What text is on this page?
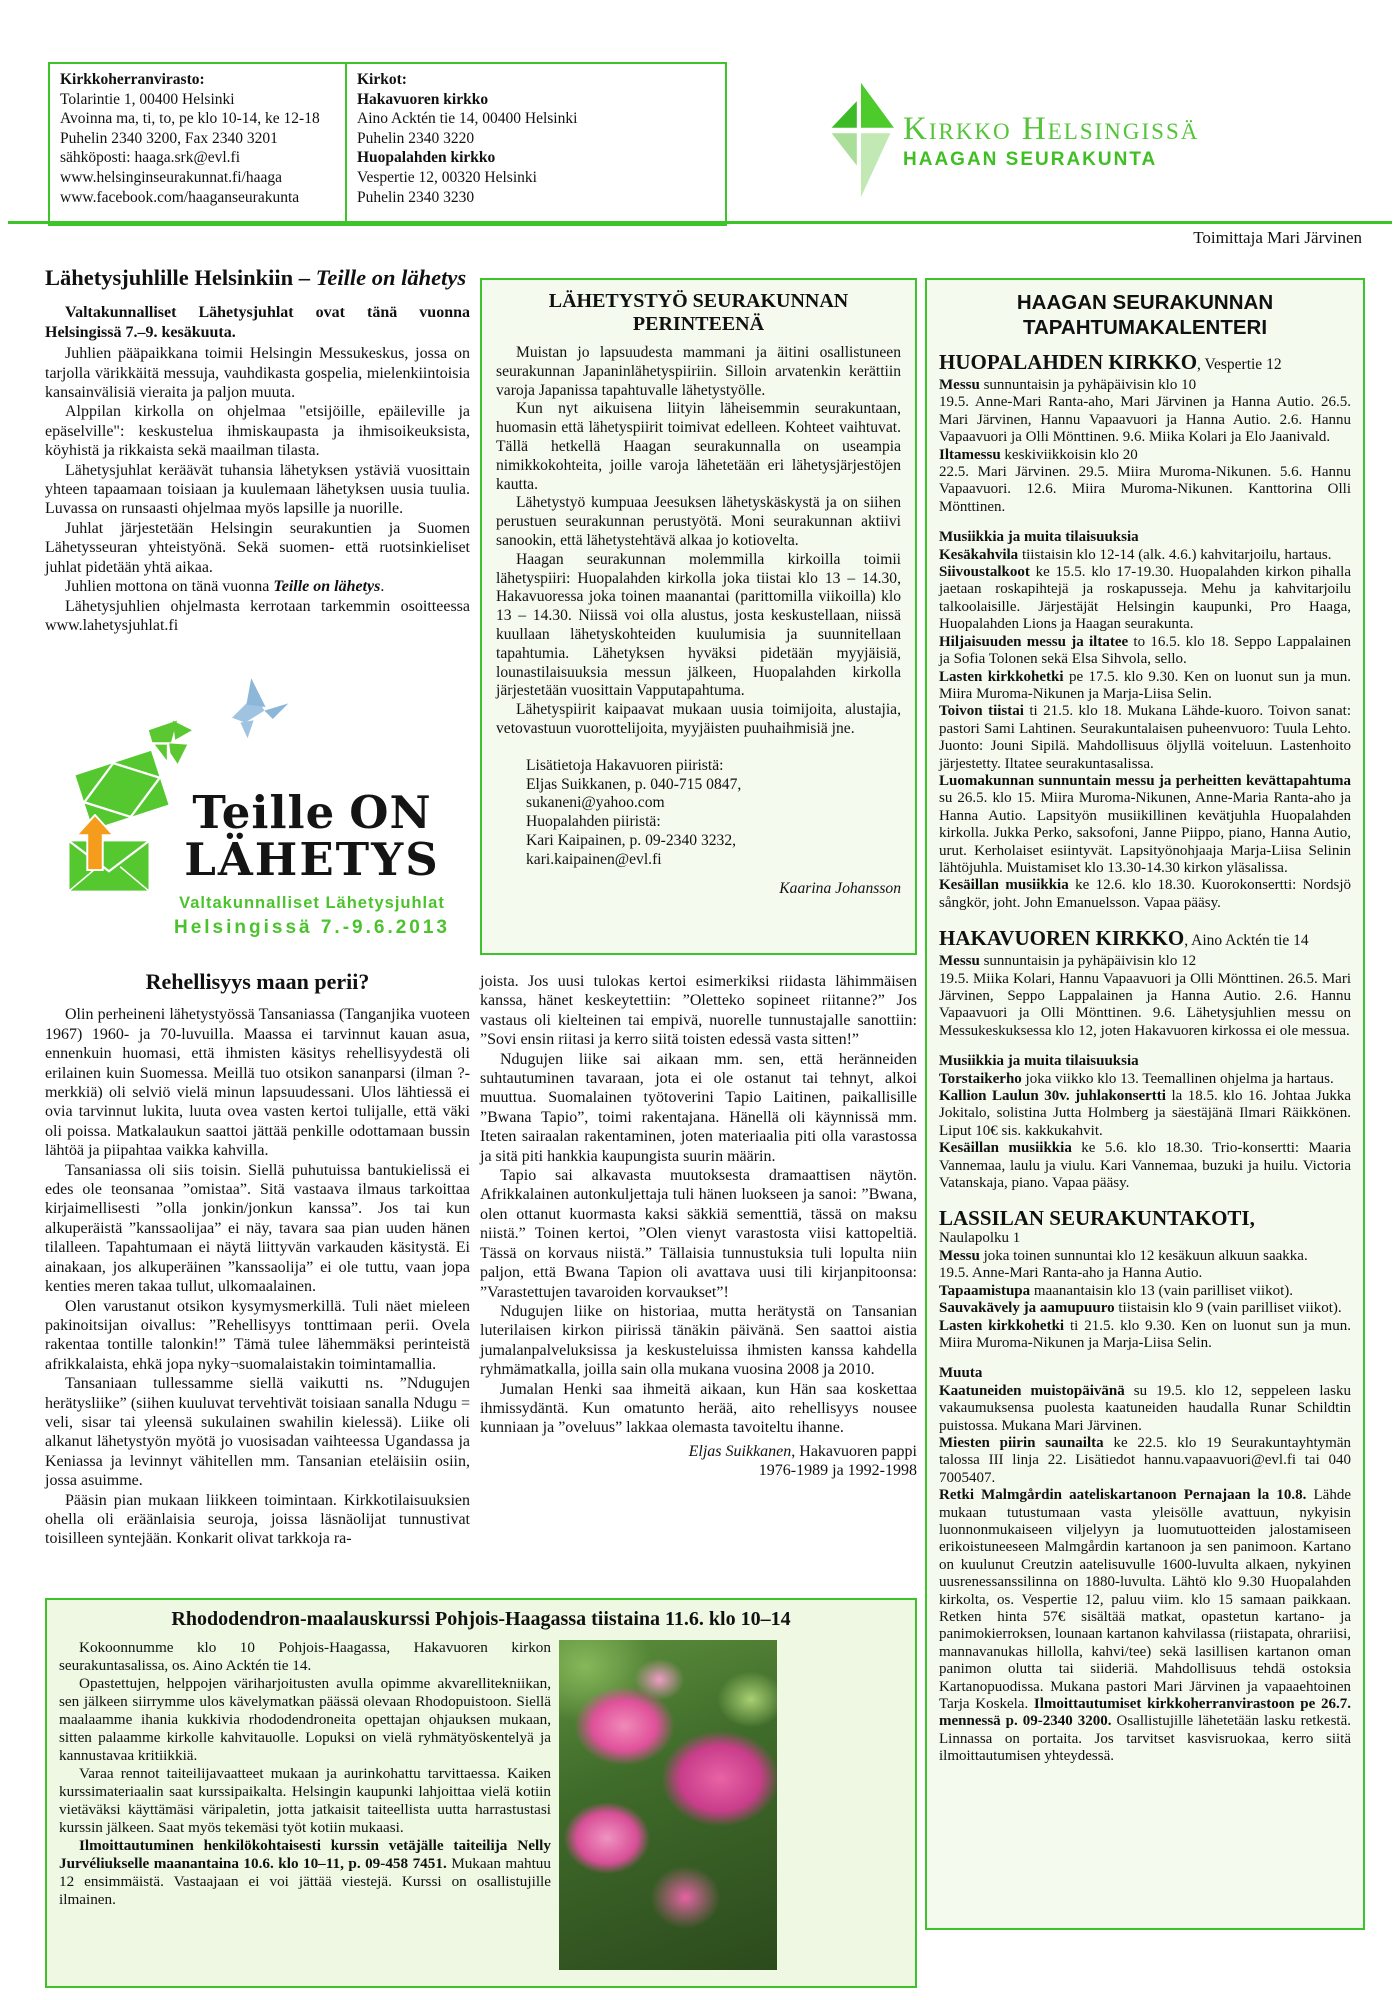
Kirkkoherranvirasto:
Tolarintie 1, 00400 Helsinki
Avoinna ma, ti, to, pe klo 10-14, ke 12-18
Puhelin 2340 3200, Fax 2340 3201
sähköposti: haaga.srk@evl.fi
www.helsinginseurakunnat.fi/haaga
www.facebook.com/haaganseurakunta
Kirkot:
Hakavuoren kirkko
Aino Acktén tie 14, 00400 Helsinki
Puhelin 2340 3220
Huopalahden kirkko
Vespertie 12, 00320 Helsinki
Puhelin 2340 3230
Kirkko Helsingissä
HAAGAN SEURAKUNTA
Toimittaja Mari Järvinen
Lähetysjuhlille Helsinkiin – Teille on lähetys

Valtakunnalliset Lähetysjuhlat ovat tänä vuonna Helsingissä 7.–9. kesäkuuta.

Juhlien pääpaikkana toimii Helsingin Messukeskus, jossa on tarjolla värikkäitä messuja, vauhdikasta gospelia, mielenkiintoisia kansainvälisiä vieraita ja paljon muuta.

Alppilan kirkolla on ohjelmaa "etsijöille, epäileville ja epäselville": keskustelua ihmiskaupasta ja ihmisoikeuksista, köyhistä ja rikkaista sekä maailman tilasta.

Lähetysjuhlat keräävät tuhansia lähetyksen ystäviä vuosittain yhteen tapaamaan toisiaan ja kuulemaan lähetyksen uusia tuulia. Luvassa on runsaasti ohjelmaa myös lapsille ja nuorille.

Juhlat järjestetään Helsingin seurakuntien ja Suomen Lähetysseuran yhteistyönä. Sekä suomen- että ruotsinkieliset juhlat pidetään yhtä aikaa.

Juhlien mottona on tänä vuonna Teille on lähetys.

Lähetysjuhlien ohjelmasta kerrotaan tarkemmin osoitteessa www.lahetysjuhlat.fi

Teille ON
LÄHETYS
Valtakunnalliset Lähetysjuhlat
Helsingissä 7.-9.6.2013
Rehellisyys maan perii?

Olin perheineni lähetystyössä Tansaniassa (Tanganjika vuoteen 1967) 1960- ja 70-luvuilla. Maassa ei tarvinnut kauan asua, ennenkuin huomasi, että ihmisten käsitys rehellisyydestä oli erilainen kuin Suomessa. Meillä tuo otsikon sananparsi (ilman ?-merkkiä) oli selviö vielä minun lapsuudessani. Ulos lähtiessä ei ovia tarvinnut lukita, luuta ovea vasten kertoi tulijalle, että väki oli poissa. Matkalaukun saattoi jättää penkille odottamaan bussin lähtöä ja piipahtaa vaikka kahvilla.

Tansaniassa oli siis toisin. Siellä puhutuissa bantukielissä ei edes ole teonsanaa ”omistaa”. Sitä vastaava ilmaus tarkoittaa kirjaimellisesti ”olla jonkin/jonkun kanssa”. Jos tai kun alkuperäistä ”kanssaolijaa” ei näy, tavara saa pian uuden hänen tilalleen. Tapahtumaan ei näytä liittyvän varkauden käsitystä. Ei ainakaan, jos alkuperäinen ”kanssaolija” ei ole tuttu, vaan jopa kenties meren takaa tullut, ulkomaalainen.

Olen varustanut otsikon kysymysmerkillä. Tuli näet mieleen pakinoitsijan oivallus: ”Rehellisyys tonttimaan perii. Ovela rakentaa tontille talonkin!” Tämä tulee lähemmäksi perinteistä afrikkalaista, ehkä jopa nyky¬suomalaistakin toimintamallia.

Tansaniaan tullessamme siellä vaikutti ns. ”Ndugujen herätysliike” (siihen kuuluvat tervehtivät toisiaan sanalla Ndugu = veli, sisar tai yleensä sukulainen swahilin kielessä). Liike oli alkanut lähetystyön myötä jo vuosisadan vaihteessa Ugandassa ja Keniassa ja levinnyt vähitellen mm. Tansanian eteläisiin osiin, jossa asuimme.

Pääsin pian mukaan liikkeen toimintaan. Kirkkotilaisuuksien ohella oli eräänlaisia seuroja, joissa läsnäolijat tunnustivat toisilleen syntejään. Konkarit olivat tarkkoja ra-

LÄHETYSTYÖ SEURAKUNNAN
PERINTEENÄ

Muistan jo lapsuudesta mammani ja äitini osallistuneen seurakunnan Japaninlähetyspiiriin. Silloin arvatenkin kerättiin varoja Japanissa tapahtuvalle lähetystyölle.

Kun nyt aikuisena liityin läheisemmin seurakuntaan, huomasin että lähetyspiirit toimivat edelleen. Kohteet vaihtuvat. Tällä hetkellä Haagan seurakunnalla on useampia nimikkokohteita, joille varoja lähetetään eri lähetysjärjestöjen kautta.

Lähetystyö kumpuaa Jeesuksen lähetyskäskystä ja on siihen perustuen seurakunnan perustyötä. Moni seurakunnan aktiivi sanookin, että lähetystehtävä alkaa jo kotiovelta.

Haagan seurakunnan molemmilla kirkoilla toimii lähetyspiiri: Huopalahden kirkolla joka tiistai klo 13 – 14.30, Hakavuoressa joka toinen maanantai (parittomilla viikoilla) klo 13 – 14.30. Niissä voi olla alustus, josta keskustellaan, niissä kuullaan lähetyskohteiden kuulumisia ja suunnitellaan tapahtumia. Lähetyksen hyväksi pidetään myyjäisiä, lounastilaisuuksia messun jälkeen, Huopalahden kirkolla järjestetään vuosittain Vapputapahtuma.

Lähetyspiirit kaipaavat mukaan uusia toimijoita, alustajia, vetovastuun vuorottelijoita, myyjäisten puuhaihmisiä jne.

Lisätietoja Hakavuoren piiristä:
Eljas Suikkanen, p. 040-715 0847,
sukaneni@yahoo.com
Huopalahden piiristä:
Kari Kaipainen, p. 09-2340 3232,
kari.kaipainen@evl.fi
Kaarina Johansson

joista. Jos uusi tulokas kertoi esimerkiksi riidasta lähimmäisen kanssa, hänet keskeytettiin: ”Oletteko sopineet riitanne?” Jos vastaus oli kielteinen tai empivä, nuorelle tunnustajalle sanottiin: ”Sovi ensin riitasi ja kerro siitä toisten edessä vasta sitten!”

Ndugujen liike sai aikaan mm. sen, että heränneiden suhtautuminen tavaraan, jota ei ole ostanut tai tehnyt, alkoi muuttua. Suomalainen työtoverini Tapio Laitinen, paikallisille ”Bwana Tapio”, toimi rakentajana. Hänellä oli käynnissä mm. Iteten sairaalan rakentaminen, joten materiaalia piti olla varastossa ja sitä piti hankkia kaupungista suurin määrin.

Tapio sai alkavasta muutoksesta dramaattisen näytön. Afrikkalainen autonkuljettaja tuli hänen luokseen ja sanoi: ”Bwana, olen ottanut kuormasta kaksi säkkiä sementtiä, tässä on maksu niistä.” Toinen kertoi, ”Olen vienyt varastosta viisi kattopeltiä. Tässä on korvaus niistä.” Tällaisia tunnustuksia tuli lopulta niin paljon, että Bwana Tapion oli avattava uusi tili kirjanpitoonsa: ”Varastettujen tavaroiden korvaukset”!

Ndugujen liike on historiaa, mutta herätystä on Tansanian luterilaisen kirkon piirissä tänäkin päivänä. Sen saattoi aistia jumalanpalveluksissa ja keskusteluissa ihmisten kanssa kahdella ryhmämatkalla, joilla sain olla mukana vuosina 2008 ja 2010.

Jumalan Henki saa ihmeitä aikaan, kun Hän saa koskettaa ihmissydäntä. Kun omatunto herää, aito rehellisyys nousee kunniaan ja ”oveluus” lakkaa olemasta tavoiteltu ihanne.

Eljas Suikkanen, Hakavuoren pappi
1976-1989 ja 1992-1998
HAAGAN SEURAKUNNAN
TAPAHTUMAKALENTERI
HUOPALAHDEN KIRKKO, Vespertie 12

Messu sunnuntaisin ja pyhäpäivisin klo 10

19.5. Anne-Mari Ranta-aho, Mari Järvinen ja Hanna Autio. 26.5. Mari Järvinen, Hannu Vapaavuori ja Hanna Autio. 2.6. Hannu Vapaavuori ja Olli Mönttinen. 9.6. Miika Kolari ja Elo Jaanivald.

Iltamessu keskiviikkoisin klo 20

22.5. Mari Järvinen. 29.5. Miira Muroma-Nikunen. 5.6. Hannu Vapaavuori. 12.6. Miira Muroma-Nikunen. Kanttorina Olli Mönttinen.

Musiikkia ja muita tilaisuuksia

Kesäkahvila tiistaisin klo 12-14 (alk. 4.6.) kahvitarjoilu, hartaus.

Siivoustalkoot ke 15.5. klo 17-19.30. Huopalahden kirkon pihalla jaetaan roskapihtejä ja roskapusseja. Mehu ja kahvitarjoilu talkoolaisille. Järjestäjät Helsingin kaupunki, Pro Haaga, Huopalahden Lions ja Haagan seurakunta.

Hiljaisuuden messu ja iltatee to 16.5. klo 18. Seppo Lappalainen ja Sofia Tolonen sekä Elsa Sihvola, sello.

Lasten kirkkohetki pe 17.5. klo 9.30. Ken on luonut sun ja mun. Miira Muroma-Nikunen ja Marja-Liisa Selin.

Toivon tiistai ti 21.5. klo 18. Mukana Lähde-kuoro. Toivon sanat: pastori Sami Lahtinen. Seurakuntalaisen puheenvuoro: Tuula Lehto. Juonto: Jouni Sipilä. Mahdollisuus öljyllä voiteluun. Lastenhoito järjestetty. Iltatee seurakuntasalissa.

Luomakunnan sunnuntain messu ja perheitten kevättapahtuma su 26.5. klo 15. Miira Muroma-Nikunen, Anne-Maria Ranta-aho ja Hanna Autio. Lapsityön musiikillinen kevätjuhla Huopalahden kirkolla. Jukka Perko, saksofoni, Janne Piippo, piano, Hanna Autio, urut. Kerholaiset esiintyvät. Lapsityönohjaaja Marja-Liisa Selinin lähtöjuhla. Muistamiset klo 13.30-14.30 kirkon yläsalissa.

Kesäillan musiikkia ke 12.6. klo 18.30. Kuorokonsertti: Nordsjö sångkör, joht. John Emanuelsson. Vapaa pääsy.

HAKAVUOREN KIRKKO, Aino Acktén tie 14

Messu sunnuntaisin ja pyhäpäivisin klo 12

19.5. Miika Kolari, Hannu Vapaavuori ja Olli Mönttinen. 26.5. Mari Järvinen, Seppo Lappalainen ja Hanna Autio. 2.6. Hannu Vapaavuori ja Olli Mönttinen. 9.6. Lähetysjuhlien messu on Messukeskuksessa klo 12, joten Hakavuoren kirkossa ei ole messua.

Musiikkia ja muita tilaisuuksia

Torstaikerho joka viikko klo 13. Teemallinen ohjelma ja hartaus.

Kallion Laulun 30v. juhlakonsertti la 18.5. klo 16. Johtaa Jukka Jokitalo, solistina Jutta Holmberg ja säestäjänä Ilmari Räikkönen. Liput 10€ sis. kakkukahvit.

Kesäillan musiikkia ke 5.6. klo 18.30. Trio-konsertti: Maaria Vannemaa, laulu ja viulu. Kari Vannemaa, buzuki ja huilu. Victoria Vatanskaja, piano. Vapaa pääsy.

LASSILAN SEURAKUNTAKOTI,

Naulapolku 1

Messu joka toinen sunnuntai klo 12 kesäkuun alkuun saakka.

19.5. Anne-Mari Ranta-aho ja Hanna Autio.

Tapaamistupa maanantaisin klo 13 (vain parilliset viikot).

Sauvakävely ja aamupuuro tiistaisin klo 9 (vain parilliset viikot).

Lasten kirkkohetki ti 21.5. klo 9.30. Ken on luonut sun ja mun. Miira Muroma-Nikunen ja Marja-Liisa Selin.

Muuta

Kaatuneiden muistopäivänä su 19.5. klo 12, seppeleen lasku vakaumuksensa puolesta kaatuneiden haudalla Runar Schildtin puistossa. Mukana Mari Järvinen.

Miesten piirin saunailta ke 22.5. klo 19 Seurakuntayhtymän talossa III linja 22. Lisätiedot hannu.vapaavuori@evl.fi tai 040 7005407.

Retki Malmgårdin aateliskartanoon Pernajaan la 10.8. Lähde mukaan tutustumaan vasta yleisölle avattuun, nykyisin luonnonmukaiseen viljelyyn ja luomutuotteiden jalostamiseen erikoistuneeseen Malmgårdin kartanoon ja sen panimoon. Kartano on kuulunut Creutzin aatelisuvulle 1600-luvulta alkaen, nykyinen uusrenessanssilinna on 1880-luvulta. Lähtö klo 9.30 Huopalahden kirkolta, os. Vespertie 12, paluu viim. klo 15 samaan paikkaan. Retken hinta 57€ sisältää matkat, opastetun kartano- ja panimokierroksen, lounaan kartanon kahvilassa (riistapata, ohrariisi, mannavanukas hillolla, kahvi/tee) sekä lasillisen kartanon oman panimon olutta tai siideriä. Mahdollisuus tehdä ostoksia Kartanopuodissa. Mukana pastori Mari Järvinen ja vapaaehtoinen Tarja Koskela. Ilmoittautumiset kirkkoherranvirastoon pe 26.7. mennessä p. 09-2340 3200. Osallistujille lähetetään lasku retkestä. Linnassa on portaita. Jos tarvitset kasvisruokaa, kerro siitä ilmoittautumisen yhteydessä.

Rhododendron-maalauskurssi Pohjois-Haagassa tiistaina 11.6. klo 10–14

Kokoonnumme klo 10 Pohjois-Haagassa, Hakavuoren kirkon seurakuntasalissa, os. Aino Acktén tie 14.

Opastettujen, helppojen väriharjoitusten avulla opimme akvarellitekniikan, sen jälkeen siirrymme ulos kävelymatkan päässä olevaan Rhodopuistoon. Siellä maalaamme ihania kukkivia rhododendroneita opettajan ohjauksen mukaan, sitten palaamme kirkolle kahvitauolle. Lopuksi on vielä ryhmätyöskentelyä ja kannustavaa kritiikkiä.

Varaa rennot taiteilijavaatteet mukaan ja aurinkohattu tarvittaessa. Kaiken kurssimateriaalin saat kurssipaikalta. Helsingin kaupunki lahjoittaa vielä kotiin vietäväksi käyttämäsi väripaletin, jotta jatkaisit taiteellista uutta harrastustasi kurssin jälkeen. Saat myös tekemäsi työt kotiin mukaasi.

Ilmoittautuminen henkilökohtaisesti kurssin vetäjälle taiteilija Nelly Jurvéliukselle maanantaina 10.6. klo 10–11, p. 09-458 7451. Mukaan mahtuu 12 ensimmäistä. Vastaajaan ei voi jättää viestejä. Kurssi on osallistujille ilmainen.
